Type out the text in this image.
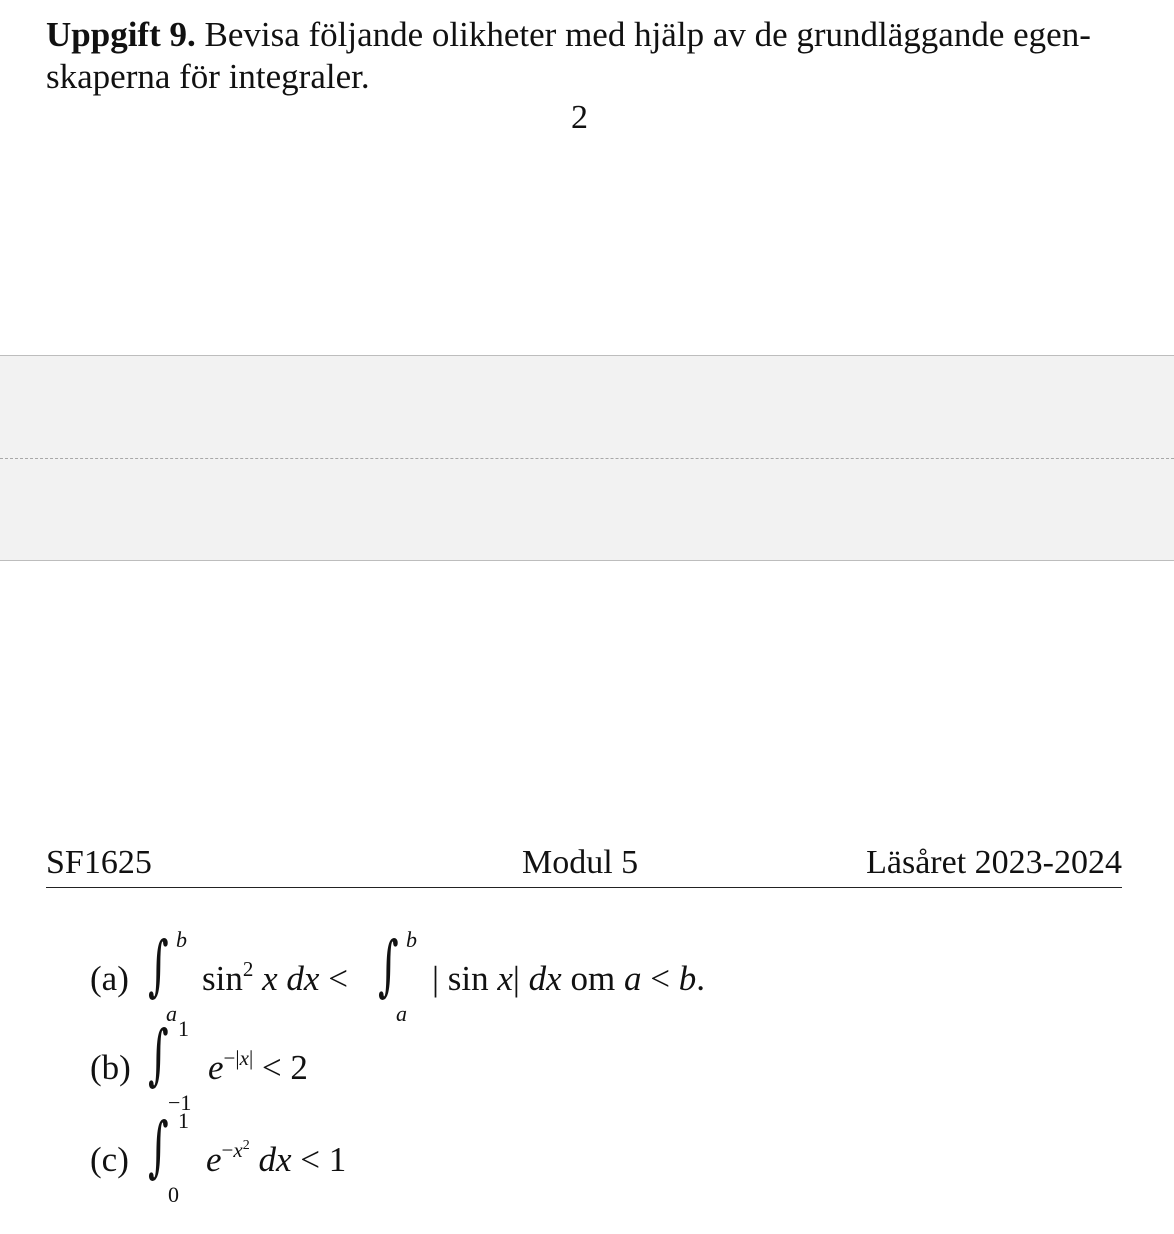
Uppgift 9. Bevisa följande olikheter med hjälp av de grundläggande egen-
skaperna för integraler.

2
SF1625	Modul 5	Läsåret 2023-2024
(a) ∫ b
a
$\sin^2 x$ dx < ∫ b
a
| sin x| dx om a < b.
(b) ∫ 1
−1
$e^{-|x|} < 2$
(c) ∫ 1
0
$e^{-x^2}$ dx < 1
